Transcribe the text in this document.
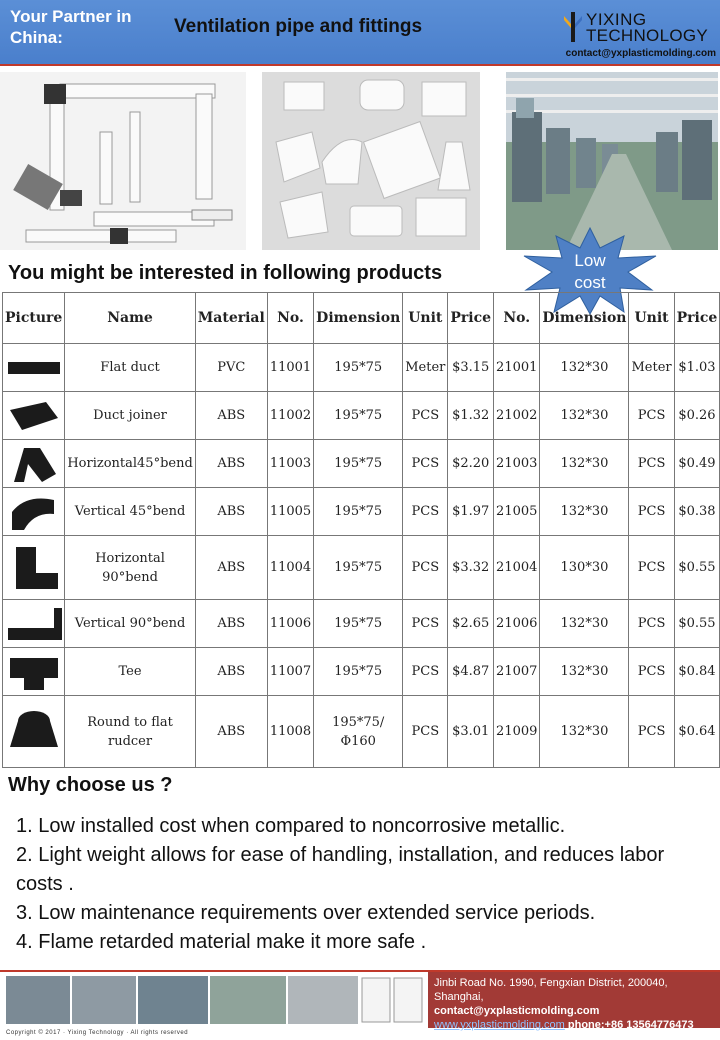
Your Partner in China:
Ventilation pipe and fittings	YIXING
TECHNOLOGY
contact@yxplasticmolding.com
You might be interested in following products
Low cost
Picture	Name	Material	No.	Dimension	Unit	Price	No.	Dimension	Unit	Price

	Flat duct	PVC	11001	195*75	Meter	$3.15	21001	132*30	Meter	$1.03

	Duct joiner	ABS	11002	195*75	PCS	$1.32	21002	132*30	PCS	$0.26

	Horizontal45°bend	ABS	11003	195*75	PCS	$2.20	21003	132*30	PCS	$0.49

	Vertical 45°bend	ABS	11005	195*75	PCS	$1.97	21005	132*30	PCS	$0.38

	Horizontal 90°bend	ABS	11004	195*75	PCS	$3.32	21004	130*30	PCS	$0.55

	Vertical 90°bend	ABS	11006	195*75	PCS	$2.65	21006	132*30	PCS	$0.55

	Tee	ABS	11007	195*75	PCS	$4.87	21007	132*30	PCS	$0.84

	Round to flat rudcer	ABS	11008	195*75/Φ160	PCS	$3.01	21009	132*30	PCS	$0.64
Why choose us ?
1. Low installed cost when compared to noncorrosive metallic.
2. Light weight allows for ease of handling, installation, and reduces labor costs .
3. Low maintenance requirements over extended service periods.
4. Flame retarded material make it more safe .
Jinbi Road No. 1990, Fengxian District, 200040, Shanghai,
contact@yxplasticmolding.com
www.yxplasticmolding.com phone:+86 13564776473
Copyright © 2017 · Yixing Technology · All rights reserved
